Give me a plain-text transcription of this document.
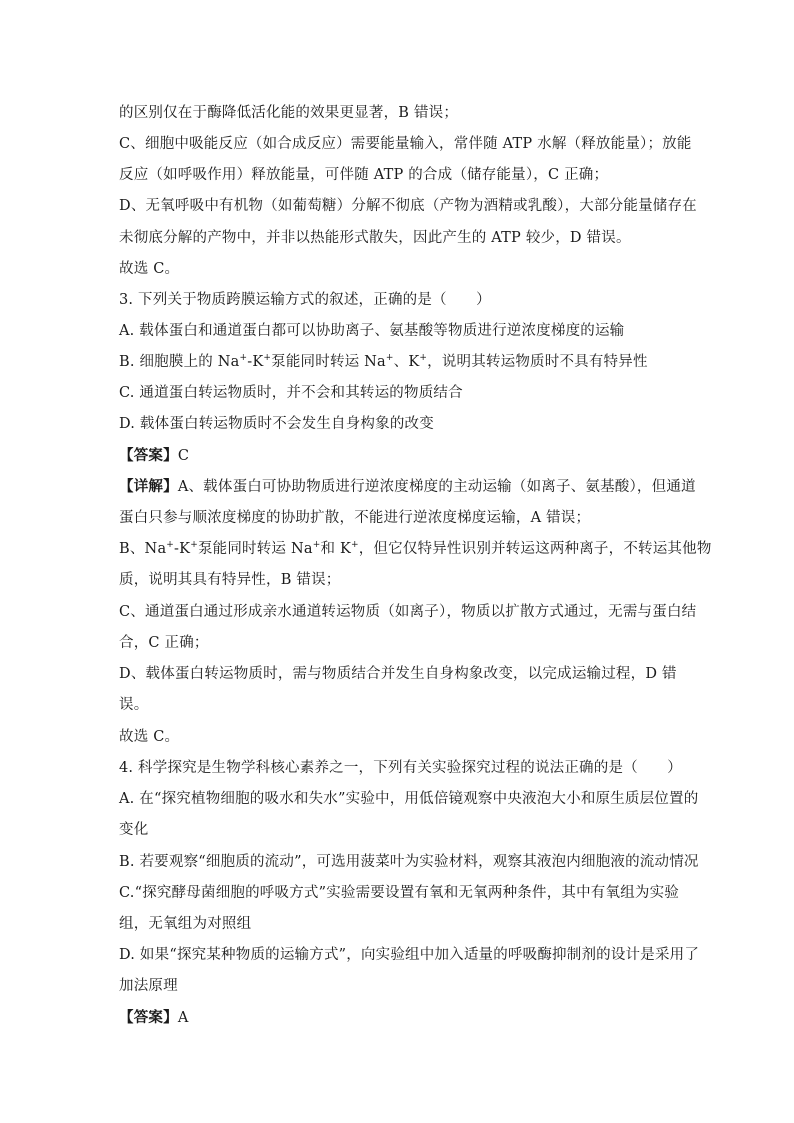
的区别仅在于酶降低活化能的效果更显著，B 错误；
C、细胞中吸能反应（如合成反应）需要能量输入，常伴随 ATP 水解（释放能量）；放能
反应（如呼吸作用）释放能量，可伴随 ATP 的合成（储存能量），C 正确；
D、无氧呼吸中有机物（如葡萄糖）分解不彻底（产物为酒精或乳酸），大部分能量储存在
未彻底分解的产物中，并非以热能形式散失，因此产生的 ATP 较少，D 错误。
故选 C。
3. 下列关于物质跨膜运输方式的叙述，正确的是（　　）
A. 载体蛋白和通道蛋白都可以协助离子、氨基酸等物质进行逆浓度梯度的运输
B. 细胞膜上的 Na+-K+泵能同时转运 Na+、K+，说明其转运物质时不具有特异性
C. 通道蛋白转运物质时，并不会和其转运的物质结合
D. 载体蛋白转运物质时不会发生自身构象的改变
【答案】C
【详解】A、载体蛋白可协助物质进行逆浓度梯度的主动运输（如离子、氨基酸），但通道
蛋白只参与顺浓度梯度的协助扩散，不能进行逆浓度梯度运输，A 错误；
B、Na+-K+泵能同时转运 Na+和 K+，但它仅特异性识别并转运这两种离子，不转运其他物
质，说明其具有特异性，B 错误；
C、通道蛋白通过形成亲水通道转运物质（如离子），物质以扩散方式通过，无需与蛋白结
合，C 正确；
D、载体蛋白转运物质时，需与物质结合并发生自身构象改变，以完成运输过程，D 错
误。
故选 C。
4. 科学探究是生物学科核心素养之一，下列有关实验探究过程的说法正确的是（　　）
A. 在“探究植物细胞的吸水和失水”实验中，用低倍镜观察中央液泡大小和原生质层位置的
变化
B. 若要观察“细胞质的流动”，可选用菠菜叶为实验材料，观察其液泡内细胞液的流动情况
C.“探究酵母菌细胞的呼吸方式”实验需要设置有氧和无氧两种条件，其中有氧组为实验
组，无氧组为对照组
D. 如果“探究某种物质的运输方式”，向实验组中加入适量的呼吸酶抑制剂的设计是采用了
加法原理
【答案】A
